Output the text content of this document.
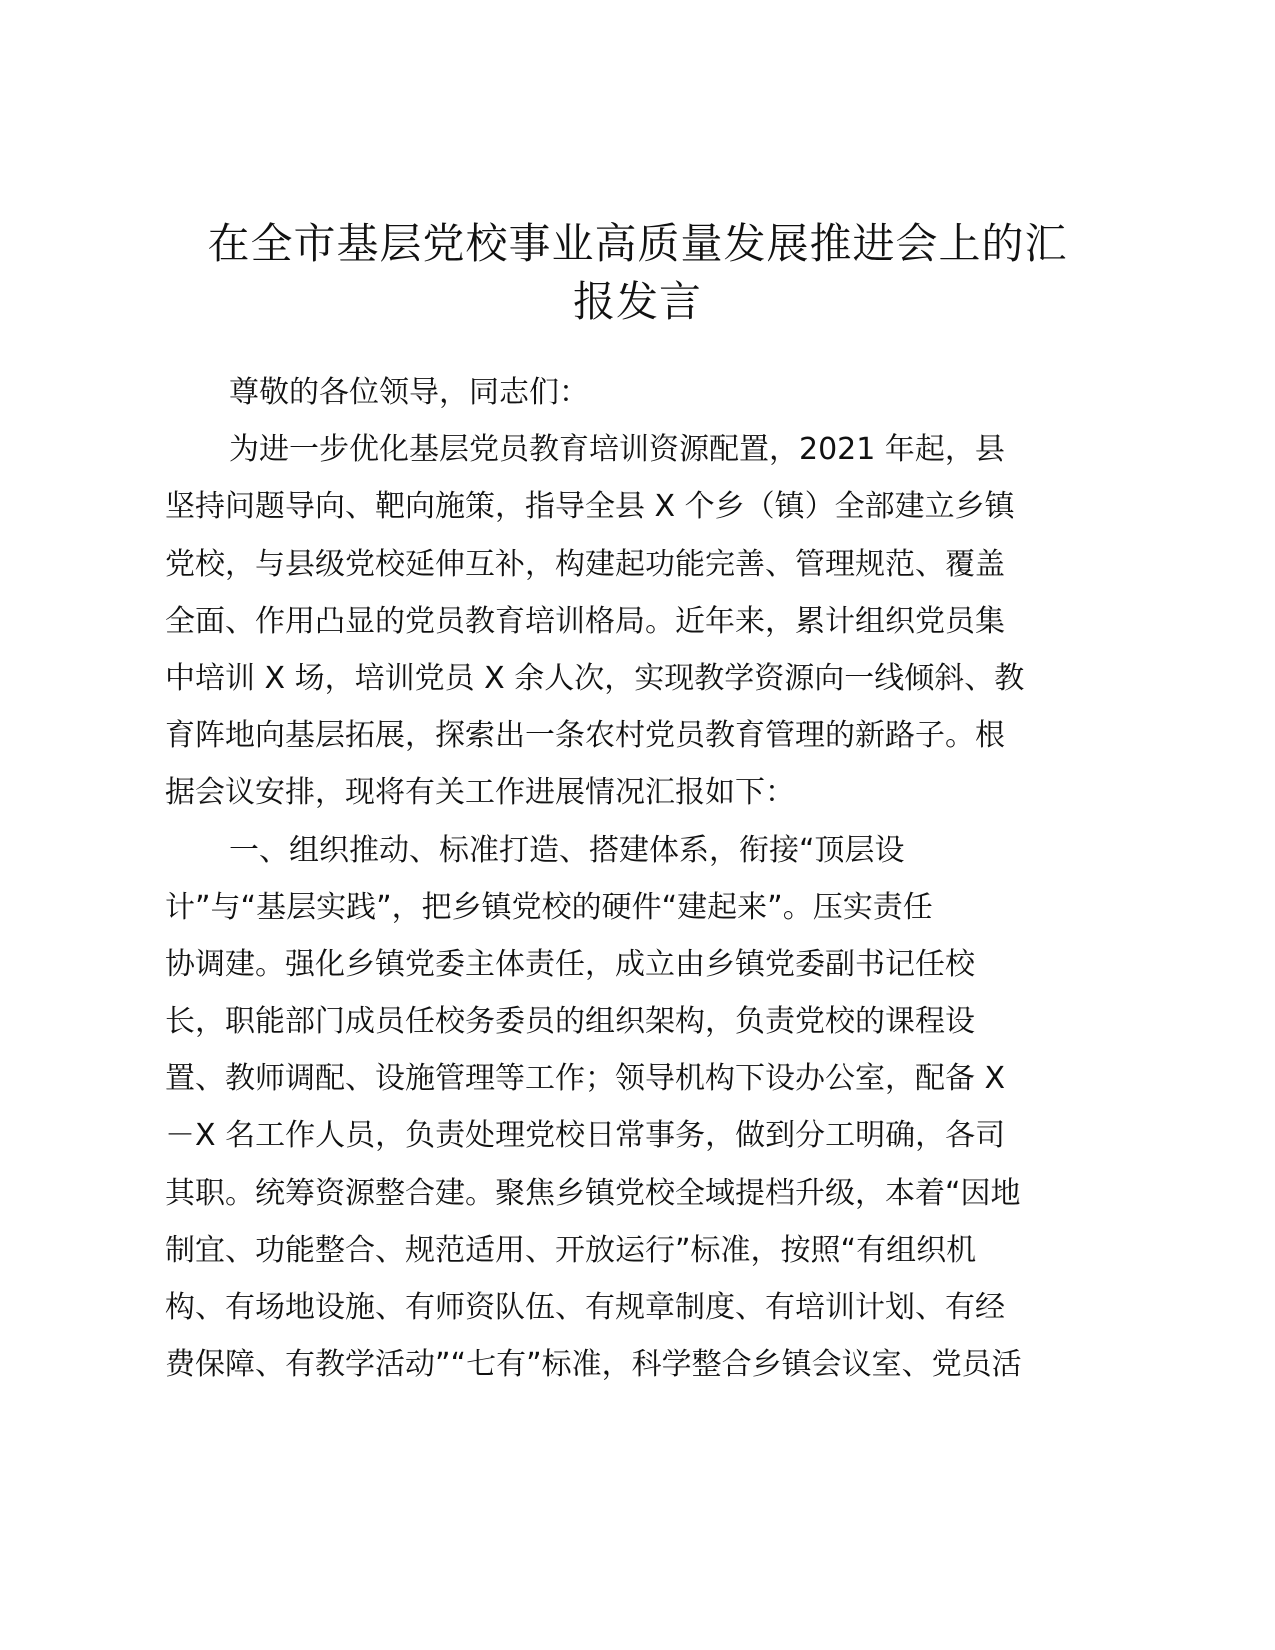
在全市基层党校事业高质量发展推进会上的汇
报发言
尊敬的各位领导，同志们：
为进一步优化基层党员教育培训资源配置，2021 年起，县
坚持问题导向、靶向施策，指导全县 X 个乡（镇）全部建立乡镇
党校，与县级党校延伸互补，构建起功能完善、管理规范、覆盖
全面、作用凸显的党员教育培训格局。近年来，累计组织党员集
中培训 X 场，培训党员 X 余人次，实现教学资源向一线倾斜、教
育阵地向基层拓展，探索出一条农村党员教育管理的新路子。根
据会议安排，现将有关工作进展情况汇报如下：
一、组织推动、标准打造、搭建体系，衔接“顶层设
计”与“基层实践”，把乡镇党校的硬件“建起来”。压实责任
协调建。强化乡镇党委主体责任，成立由乡镇党委副书记任校
长，职能部门成员任校务委员的组织架构，负责党校的课程设
置、教师调配、设施管理等工作；领导机构下设办公室，配备 X
－X 名工作人员，负责处理党校日常事务，做到分工明确，各司
其职。统筹资源整合建。聚焦乡镇党校全域提档升级，本着“因地
制宜、功能整合、规范适用、开放运行”标准，按照“有组织机
构、有场地设施、有师资队伍、有规章制度、有培训计划、有经
费保障、有教学活动”“七有”标准，科学整合乡镇会议室、党员活
